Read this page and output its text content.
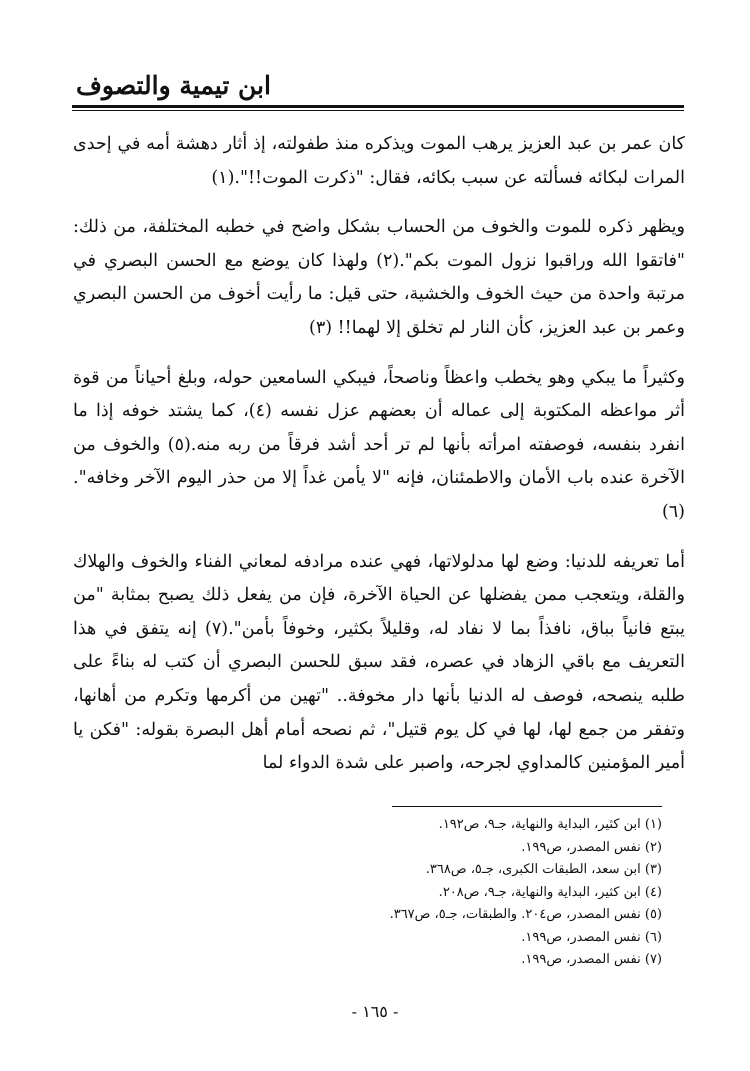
ابن تيمية والتصوف

كان عمر بن عبد العزيز يرهب الموت ويذكره منذ طفولته، إذ أثار دهشة أمه في إحدى المرات لبكائه فسألته عن سبب بكائه، فقال: "ذكرت الموت!!".(١)

ويظهر ذكره للموت والخوف من الحساب بشكل واضح في خطبه المختلفة، من ذلك: "فاتقوا الله وراقبوا نزول الموت بكم".(٢) ولهذا كان يوضع مع الحسن البصري في مرتبة واحدة من حيث الخوف والخشية، حتى قيل: ما رأيت أخوف من الحسن البصري وعمر بن عبد العزيز، كأن النار لم تخلق إلا لهما!! (٣)

وكثيراً ما يبكي وهو يخطب واعظاً وناصحاً، فيبكي السامعين حوله، وبلغ أحياناً من قوة أثر مواعظه المكتوبة إلى عماله أن بعضهم عزل نفسه (٤)، كما يشتد خوفه إذا ما انفرد بنفسه، فوصفته امرأته بأنها لم تر أحد أشد فرقاً من ربه منه.(٥) والخوف من الآخرة عنده باب الأمان والاطمئنان، فإنه "لا يأمن غداً إلا من حذر اليوم الآخر وخافه".(٦)

أما تعريفه للدنيا: وضع لها مدلولاتها، فهي عنده مرادفه لمعاني الفناء والخوف والهلاك والقلة، ويتعجب ممن يفضلها عن الحياة الآخرة، فإن من يفعل ذلك يصبح بمثابة "من يبتع فانياً بباق، نافذاً بما لا نفاد له، وقليلاً بكثير، وخوفاً بأمن".(٧) إنه يتفق في هذا التعريف مع باقي الزهاد في عصره، فقد سبق للحسن البصري أن كتب له بناءً على طلبه ينصحه، فوصف له الدنيا بأنها دار مخوفة.. "تهين من أكرمها وتكرم من أهانها، وتفقر من جمع لها، لها في كل يوم قتيل"، ثم نصحه أمام أهل البصرة بقوله: "فكن يا أمير المؤمنين كالمداوي لجرحه، واصبر على شدة الدواء لما

(١) ابن كثير، البداية والنهاية، جـ٩، ص١٩٢.
(٢) نفس المصدر، ص١٩٩.
(٣) ابن سعد، الطبقات الكبرى، جـ٥، ص٣٦٨.
(٤) ابن كثير، البداية والنهاية، جـ٩، ص٢٠٨.
(٥) نفس المصدر، ص٢٠٤. والطبقات، جـ٥، ص٣٦٧.
(٦) نفس المصدر، ص١٩٩.
(٧) نفس المصدر، ص١٩٩.
- ١٦٥ -
